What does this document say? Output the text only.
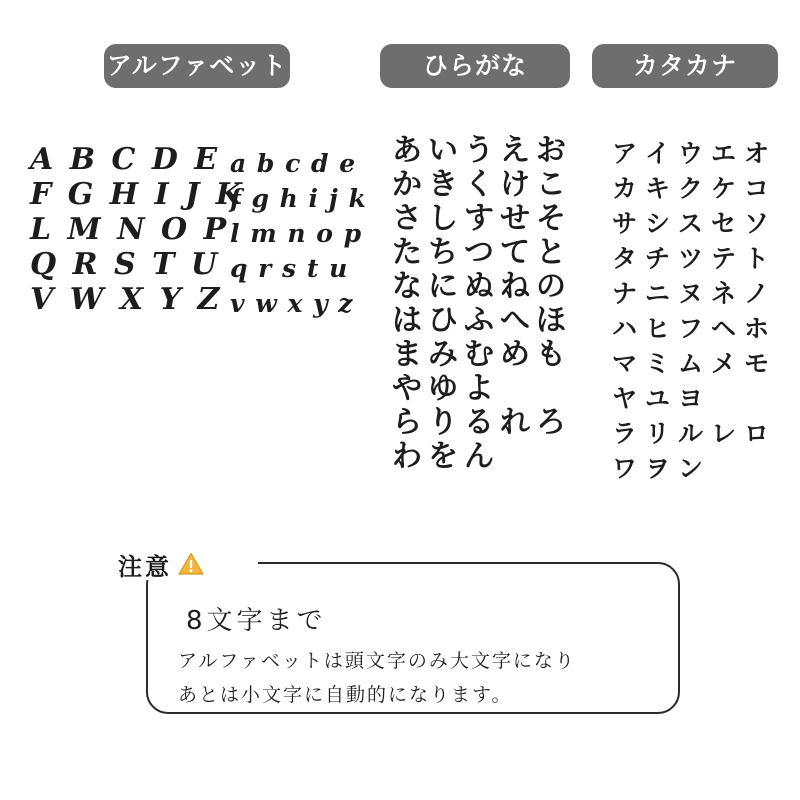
アルファベット	ひらがな	カタカナ
A B C D E
F G H I J K
L M N O P
Q R S T U
V W X Y Z
a b c d e
f g h i j k
l m n o p
q r s t u
v w x y z
あ い う え お
か き く け こ
さ し す せ そ
た ち つ て と
な に ぬ ね の
は ひ ふ へ ほ
ま み む め も
や ゆ よ
ら り る れ ろ
わ を ん
ア イ ウ エ オ
カ キ ク ケ コ
サ シ ス セ ソ
タ チ ツ テ ト
ナ ニ ヌ ネ ノ
ハ ヒ フ ヘ ホ
マ ミ ム メ モ
ヤ ユ ヨ
ラ リ ル レ ロ
ワ ヲ ン
注意
8文字まで
アルファベットは頭文字のみ大文字になり
あとは小文字に自動的になります。
